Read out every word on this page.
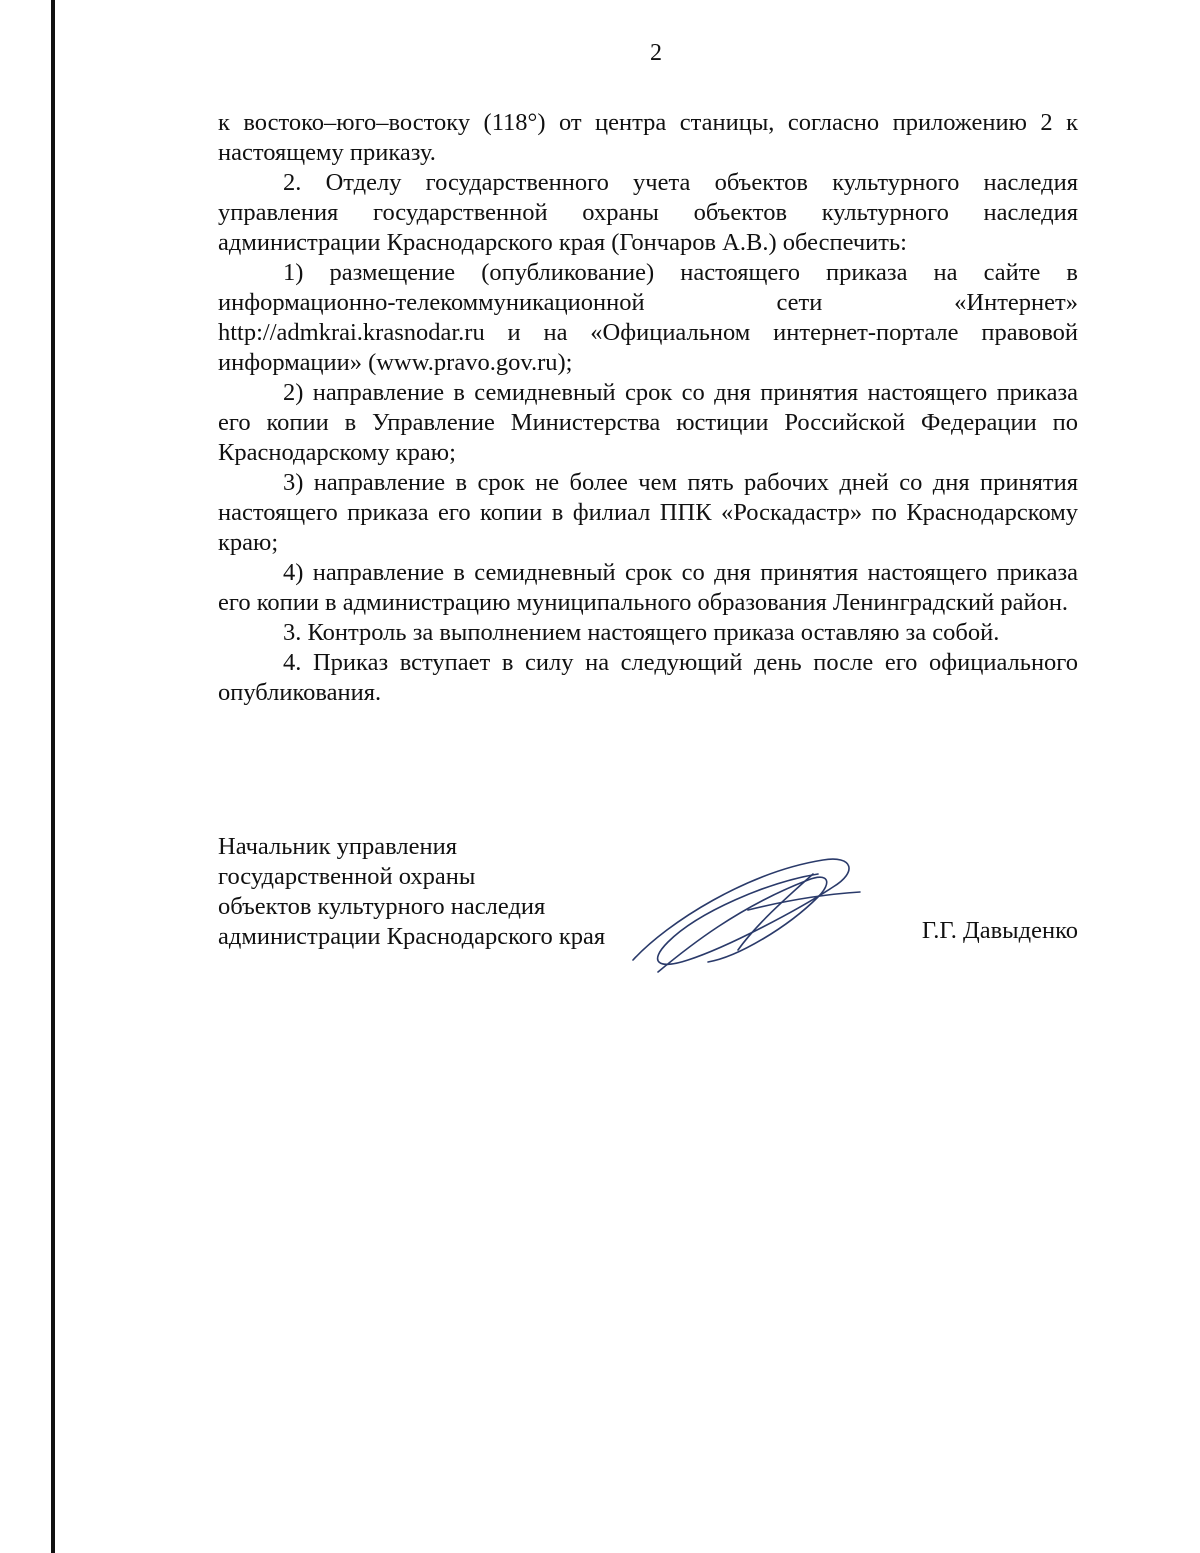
2

к востоко–юго–востоку (118°) от центра станицы, согласно приложению 2 к настоящему приказу.

2. Отделу государственного учета объектов культурного наследия управления государственной охраны объектов культурного наследия администрации Краснодарского края (Гончаров А.В.) обеспечить:

1) размещение (опубликование) настоящего приказа на сайте в информационно-телекоммуникационной сети «Интернет» http://admkrai.krasnodar.ru и на «Официальном интернет-портале правовой информации» (www.pravo.gov.ru);

2) направление в семидневный срок со дня принятия настоящего приказа его копии в Управление Министерства юстиции Российской Федерации по Краснодарскому краю;

3) направление в срок не более чем пять рабочих дней со дня принятия настоящего приказа его копии в филиал ППК «Роскадастр» по Краснодарскому краю;

4) направление в семидневный срок со дня принятия настоящего приказа его копии в администрацию муниципального образования Ленинградский район.

3. Контроль за выполнением настоящего приказа оставляю за собой.

4. Приказ вступает в силу на следующий день после его официального опубликования.

Начальник управления
государственной охраны
объектов культурного наследия
администрации Краснодарского края	Г.Г. Давыденко
